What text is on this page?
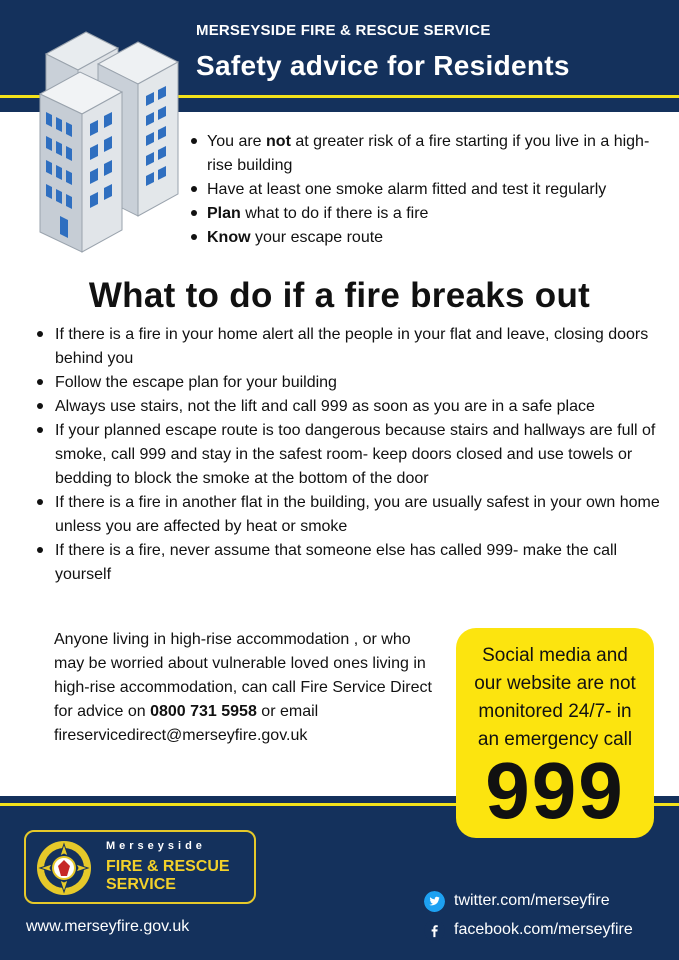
MERSEYSIDE FIRE & RESCUE SERVICE
Safety advice for Residents
You are not at greater risk of a fire starting if you live in a high-rise building
Have at least one smoke alarm fitted and test it regularly
Plan what to do if there is a fire
Know your escape route
What to do if a fire breaks out
If there is a fire in your home alert all the people in your flat and leave, closing doors behind you
Follow the escape plan for your building
Always use stairs, not the lift and call 999 as soon as you are in a safe place
If your planned escape route is too dangerous because stairs and hallways are full of smoke, call 999 and stay in the safest room- keep doors closed and use towels or bedding to block the smoke at the bottom of the door
If there is a fire in another flat in the building, you are usually safest in your own home unless you are affected by heat or smoke
If there is a fire, never assume that someone else has called 999- make the call yourself
Anyone living in high-rise accommodation , or who may be worried about vulnerable loved ones living in high-rise accommodation, can call Fire Service Direct for advice on 0800 731 5958 or email fireservicedirect@merseyfire.gov.uk
Social media and our website are not monitored 24/7- in an emergency call
999
Merseyside
FIRE & RESCUE
SERVICE
www.merseyfire.gov.uk
twitter.com/merseyfire
facebook.com/merseyfire
